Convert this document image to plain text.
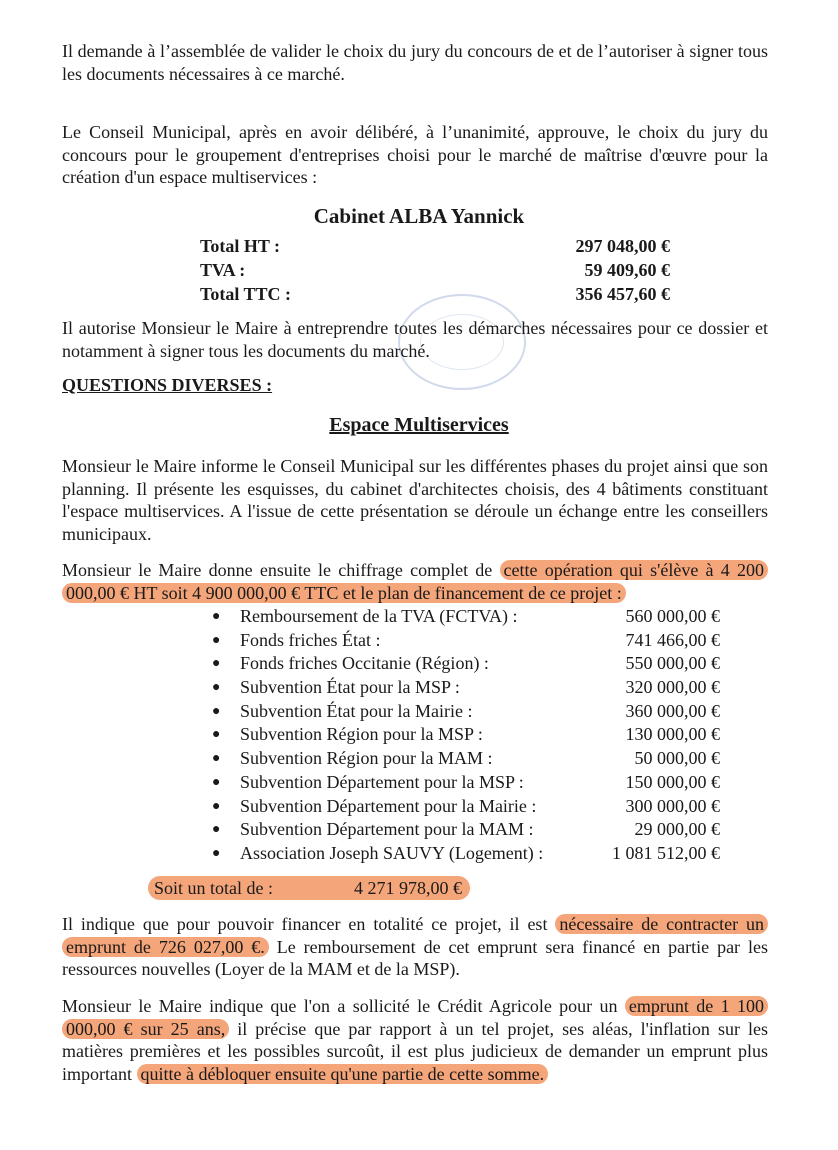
Il demande à l’assemblée de valider le choix du jury du concours de et de l’autoriser à signer tous les documents nécessaires à ce marché.

Le Conseil Municipal, après en avoir délibéré, à l’unanimité, approuve, le choix du jury du concours pour le groupement d'entreprises choisi pour le marché de maîtrise d'œuvre pour la création d'un espace multiservices :

Cabinet ALBA Yannick
Total HT :	297 048,00 €
TVA :	59 409,60 €
Total TTC :	356 457,60 €

Il autorise Monsieur le Maire à entreprendre toutes les démarches nécessaires pour ce dossier et notamment à signer tous les documents du marché.

QUESTIONS DIVERSES :
Espace Multiservices

Monsieur le Maire informe le Conseil Municipal sur les différentes phases du projet ainsi que son planning. Il présente les esquisses, du cabinet d'architectes choisis, des 4 bâtiments constituant l'espace multiservices. A l'issue de cette présentation se déroule un échange entre les conseillers municipaux.

Monsieur le Maire donne ensuite le chiffrage complet de cette opération qui s'élève à 4 200 000,00 € HT soit 4 900 000,00 € TTC et le plan de financement de ce projet :

●	Remboursement de la TVA (FCTVA) :	560 000,00 €
●	Fonds friches État :	741 466,00 €
●	Fonds friches Occitanie (Région) :	550 000,00 €
●	Subvention État pour la MSP :	320 000,00 €
●	Subvention État pour la Mairie :	360 000,00 €
●	Subvention Région pour la MSP :	130 000,00 €
●	Subvention Région pour la MAM :	50 000,00 €
●	Subvention Département pour la MSP :	150 000,00 €
●	Subvention Département pour la Mairie :	300 000,00 €
●	Subvention Département pour la MAM :	29 000,00 €
●	Association Joseph SAUVY (Logement) :	1 081 512,00 €
Soit un total de :	4 271 978,00 €

Il indique que pour pouvoir financer en totalité ce projet, il est nécessaire de contracter un emprunt de 726 027,00 €. Le remboursement de cet emprunt sera financé en partie par les ressources nouvelles (Loyer de la MAM et de la MSP).

Monsieur le Maire indique que l'on a sollicité le Crédit Agricole pour un emprunt de 1 100 000,00 € sur 25 ans, il précise que par rapport à un tel projet, ses aléas, l'inflation sur les matières premières et les possibles surcoût, il est plus judicieux de demander un emprunt plus important quitte à débloquer ensuite qu'une partie de cette somme.
